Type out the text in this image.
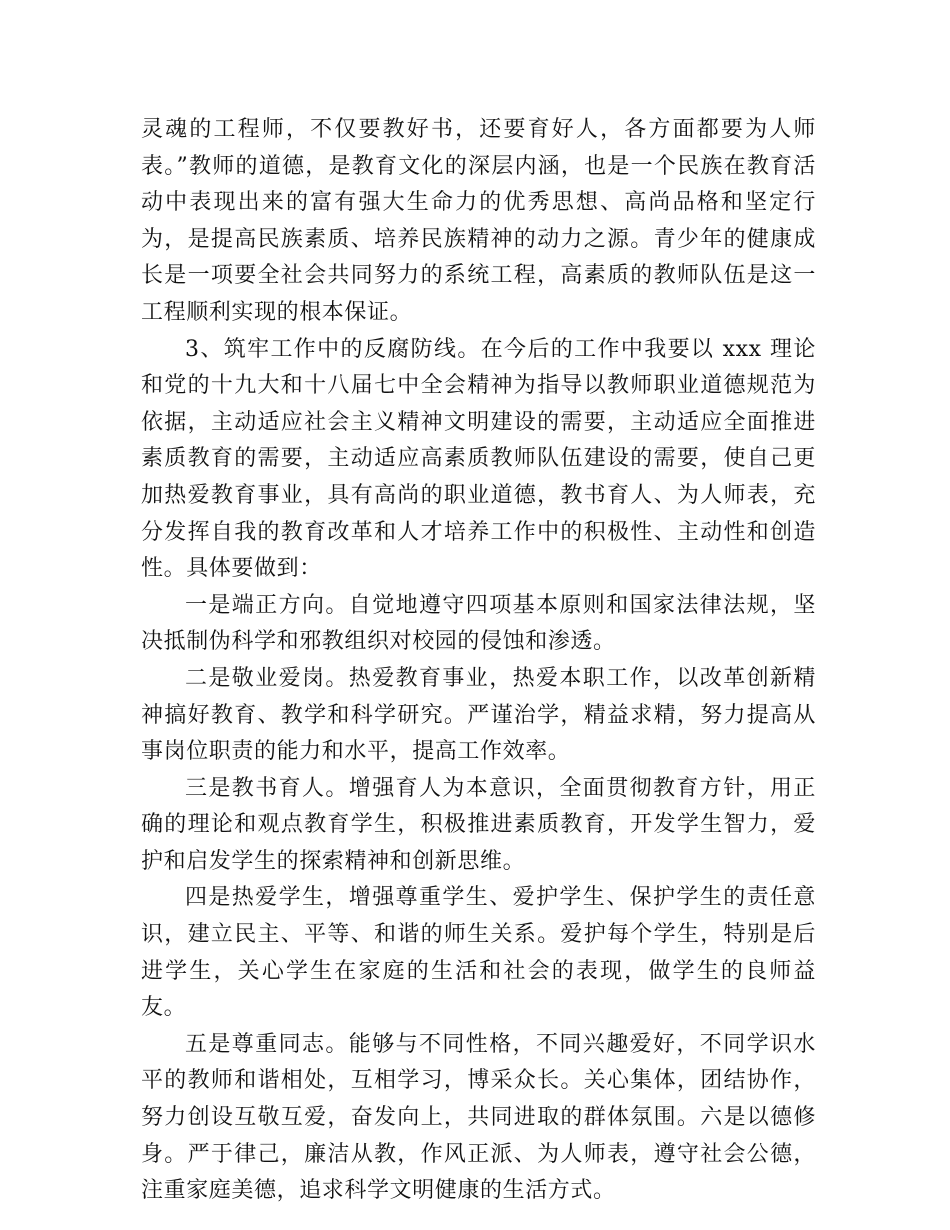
灵魂的工程师，不仅要教好书，还要育好人，各方面都要为人师表。”教师的道德，是教育文化的深层内涵，也是一个民族在教育活动中表现出来的富有强大生命力的优秀思想、高尚品格和坚定行为，是提高民族素质、培养民族精神的动力之源。青少年的健康成长是一项要全社会共同努力的系统工程，高素质的教师队伍是这一工程顺利实现的根本保证。

3、筑牢工作中的反腐防线。在今后的工作中我要以 xxx 理论和党的十九大和十八届七中全会精神为指导以教师职业道德规范为依据，主动适应社会主义精神文明建设的需要，主动适应全面推进素质教育的需要，主动适应高素质教师队伍建设的需要，使自己更加热爱教育事业，具有高尚的职业道德，教书育人、为人师表，充分发挥自我的教育改革和人才培养工作中的积极性、主动性和创造性。具体要做到：

一是端正方向。自觉地遵守四项基本原则和国家法律法规，坚决抵制伪科学和邪教组织对校园的侵蚀和渗透。

二是敬业爱岗。热爱教育事业，热爱本职工作，以改革创新精神搞好教育、教学和科学研究。严谨治学，精益求精，努力提高从事岗位职责的能力和水平，提高工作效率。

三是教书育人。增强育人为本意识，全面贯彻教育方针，用正确的理论和观点教育学生，积极推进素质教育，开发学生智力，爱护和启发学生的探索精神和创新思维。

四是热爱学生，增强尊重学生、爱护学生、保护学生的责任意识，建立民主、平等、和谐的师生关系。爱护每个学生，特别是后进学生，关心学生在家庭的生活和社会的表现，做学生的良师益友。

五是尊重同志。能够与不同性格，不同兴趣爱好，不同学识水平的教师和谐相处，互相学习，博采众长。关心集体，团结协作，努力创设互敬互爱，奋发向上，共同进取的群体氛围。六是以德修身。严于律己，廉洁从教，作风正派、为人师表，遵守社会公德，注重家庭美德，追求科学文明健康的生活方式。
